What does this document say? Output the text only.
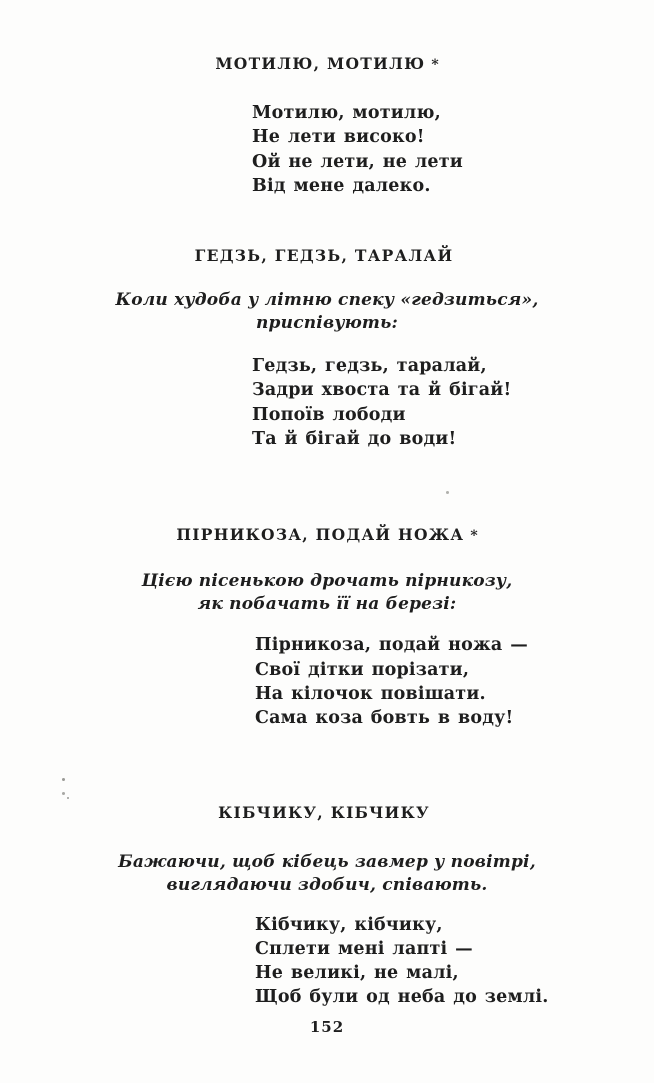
МОТИЛЮ, МОТИЛЮ *
Мотилю, мотилю,
Не лети високо!
Ой не лети, не лети
Від мене далеко.
ГЕДЗЬ, ГЕДЗЬ, ТАРАЛАЙ

Коли худоба у літню спеку «гедзиться»,
приспівують:

Гедзь, гедзь, таралай,
Задри хвоста та й бігай!
Попоїв лободи
Та й бігай до води!
ПІРНИКОЗА, ПОДАЙ НОЖА *

Цією пісенькою дрочать пірникозу,
як побачать її на березі:

Пірникоза, подай ножа —
Свої дітки порізати,
На кілочок повішати.
Сама коза бовть в воду!
КІБЧИКУ, КІБЧИКУ

Бажаючи, щоб кібець завмер у повітрі,
виглядаючи здобич, співають.

Кібчику, кібчику,
Сплети мені лапті —
Не великі, не малі,
Щоб були од неба до землі.
152
